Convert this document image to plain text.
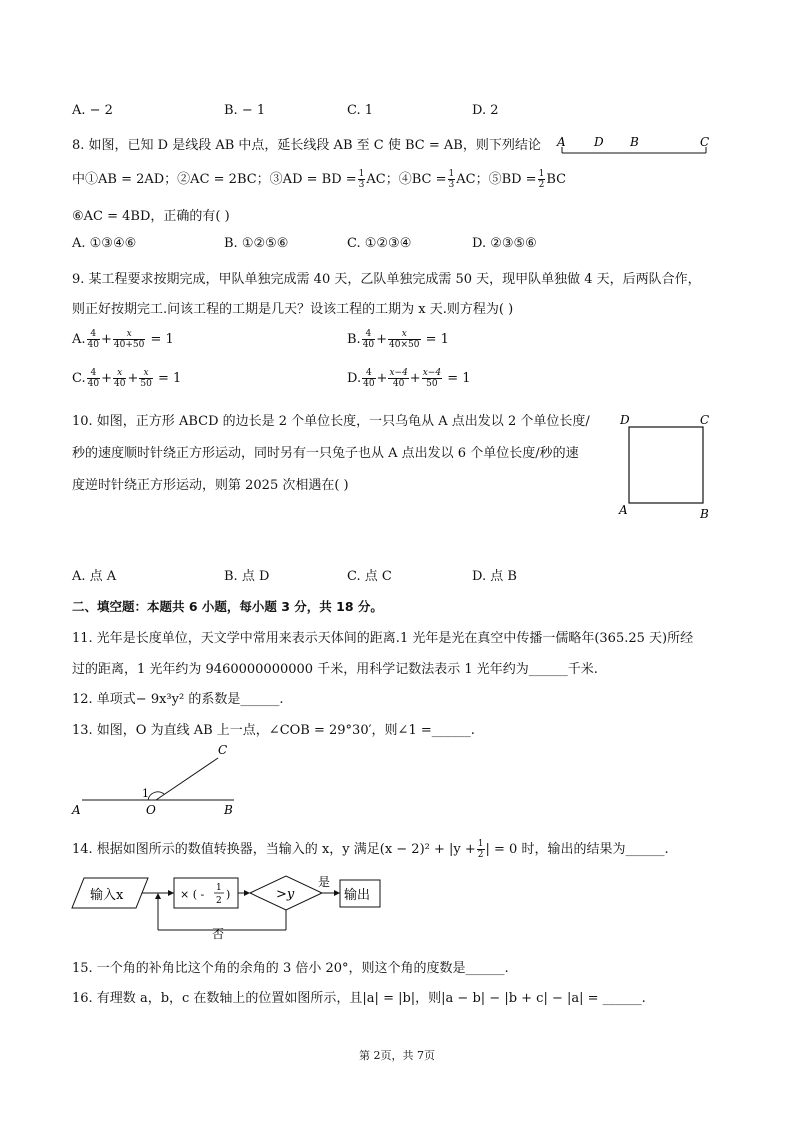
A. − 2	B. − 1	C. 1	D. 2
8. 如图，已知 D 是线段 AB 中点，延长线段 AB 至 C 使 BC = AB，则下列结论 A D B	C
中①AB = 2AD；②AC = 2BC；③AD = BD = $\frac{1}{3}$ AC；④BC = $\frac{1}{3}$ AC；⑤BD = $\frac{1}{2}$ BC
⑥AC = 4BD，正确的有( )
A. ①③④⑥	B. ①②⑤⑥	C. ①②③④	D. ②③⑤⑥
9. 某工程要求按期完成，甲队单独完成需 40 天，乙队单独完成需 50 天，现甲队单独做 4 天，后两队合作，
则正好按期完工.问该工程的工期是几天？设该工程的工期为 x 天.则方程为( )
A. $\frac{4}{40} + \frac{x}{40+50} = 1$	B. $\frac{4}{40} + \frac{x}{40\times 50} = 1$
C. $\frac{4}{40} + \frac{x}{40} + \frac{x}{50} = 1$	D. $\frac{4}{40} + \frac{x-4}{40} + \frac{x-4}{50} = 1$
10. 如图，正方形 ABCD 的边长是 2 个单位长度，一只乌龟从 A 点出发以 2 个单位长度/
秒的速度顺时针绕正方形运动，同时另有一只兔子也从 A 点出发以 6 个单位长度/秒的速
度逆时针绕正方形运动，则第 2025 次相遇在( )
D	C
A	B
A. 点 A	B. 点 D	C. 点 C	D. 点 B
二、填空题：本题共 6 小题，每小题 3 分，共 18 分。
11. 光年是长度单位，天文学中常用来表示天体间的距离.1 光年是光在真空中传播一儒略年(365.25 天)所经
过的距离，1 光年约为 9460000000000 千米，用科学记数法表示 1 光年约为______千米.
12. 单项式− 9x³y² 的系数是______.
13. 如图，O 为直线 AB 上一点，∠COB = 29°30′，则∠1 =______.
C
1
A	O	B
14. 根据如图所示的数值转换器，当输入的 x，y 满足$(x - 2)^2 + |y + \frac{1}{2}$ | = 0 时，输出的结果为______.
输入x	× ( - 1
2 )	>y
是
输出
否
15. 一个角的补角比这个角的余角的 3 倍小 20°，则这个角的度数是______.
16. 有理数 a，b，c 在数轴上的位置如图所示，且|a| = |b|，则|a − b| − |b + c| − |a| = ______.
第 2页，共 7页
